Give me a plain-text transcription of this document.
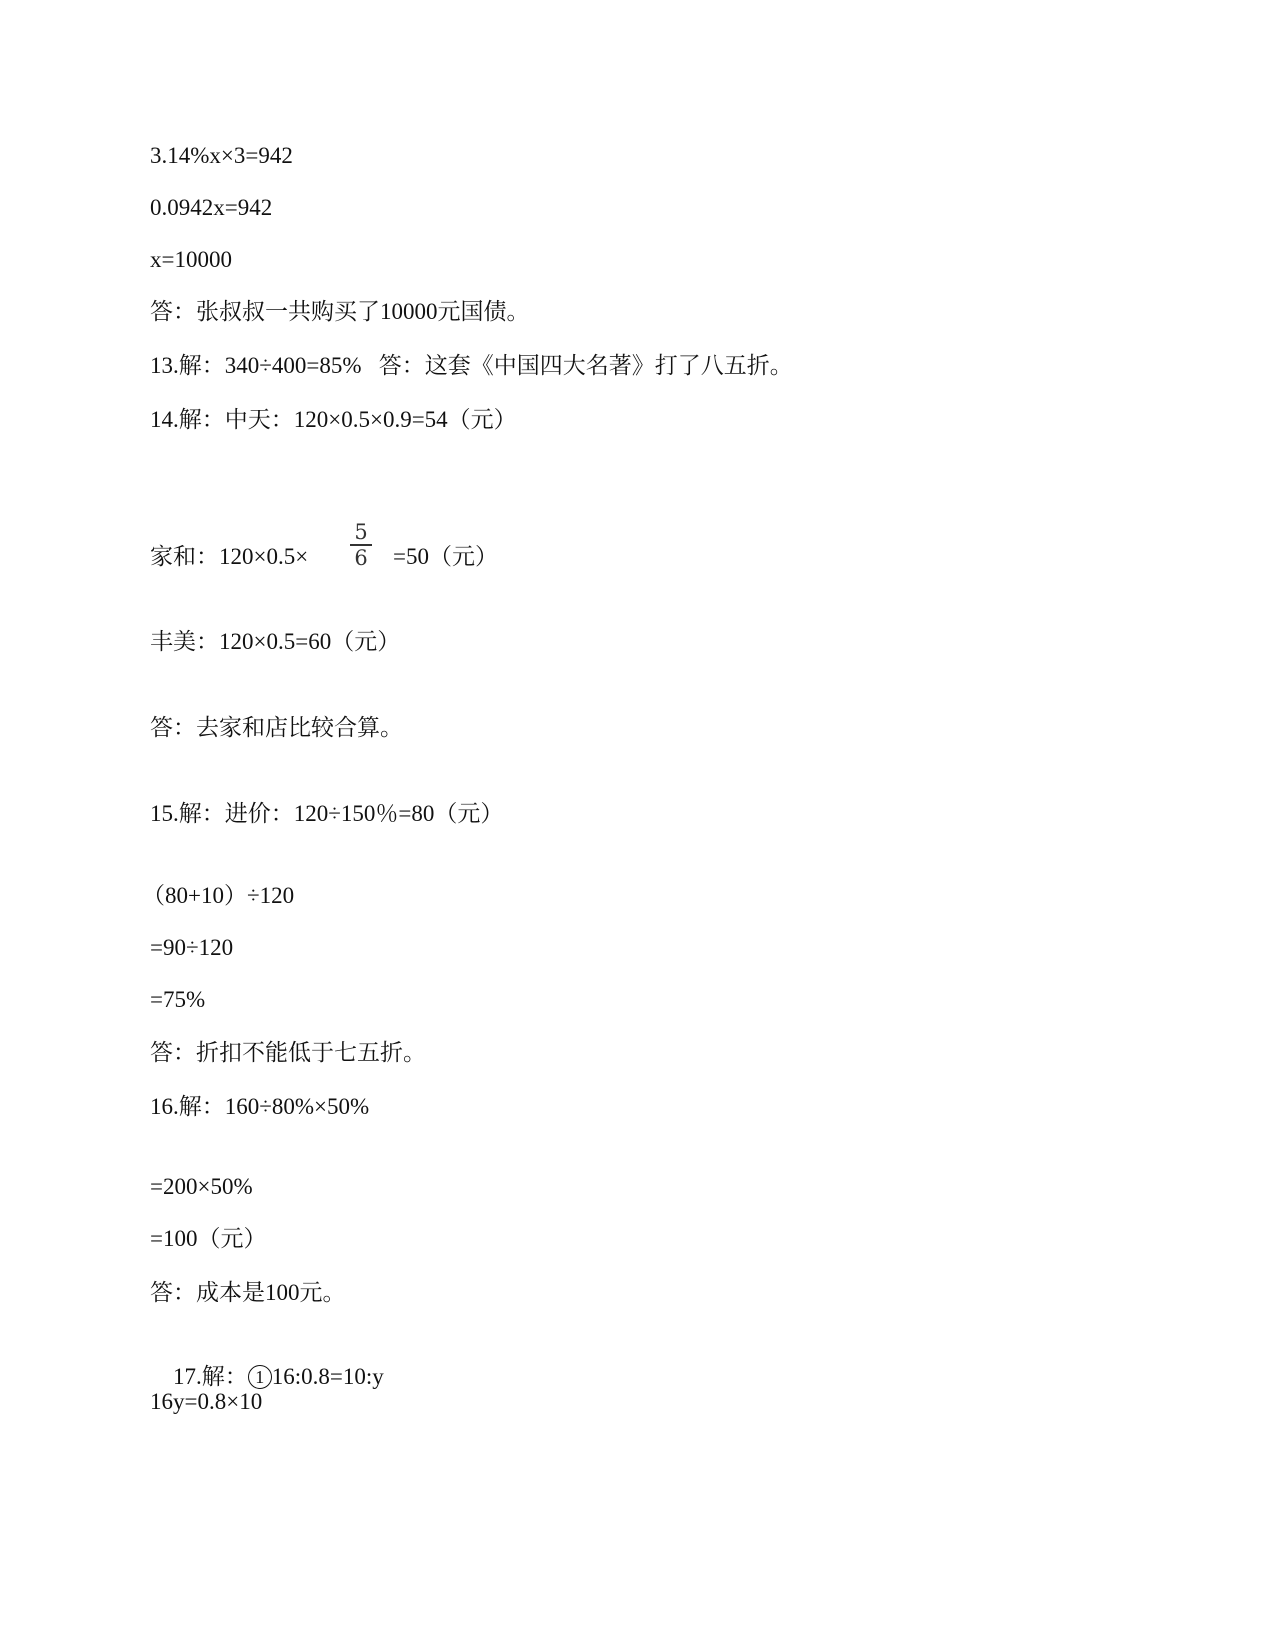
3.14%x×3=942
0.0942x=942
x=10000
答：张叔叔一共购买了10000元国债。
13.解：340÷400=85%   答：这套《中国四大名著》打了八五折。
14.解：中天：120×0.5×0.9=54（元）
家和：120×0.5×
5
6 =50（元）
丰美：120×0.5=60（元）
答：去家和店比较合算。
15.解：进价：120÷150％=80（元）
（80+10）÷120
=90÷120
=75%
答：折扣不能低于七五折。
16.解：160÷80%×50%
=200×50%
=100（元）
答：成本是100元。

17.解： 1 16:0.8=10:y

16y=0.8×10
